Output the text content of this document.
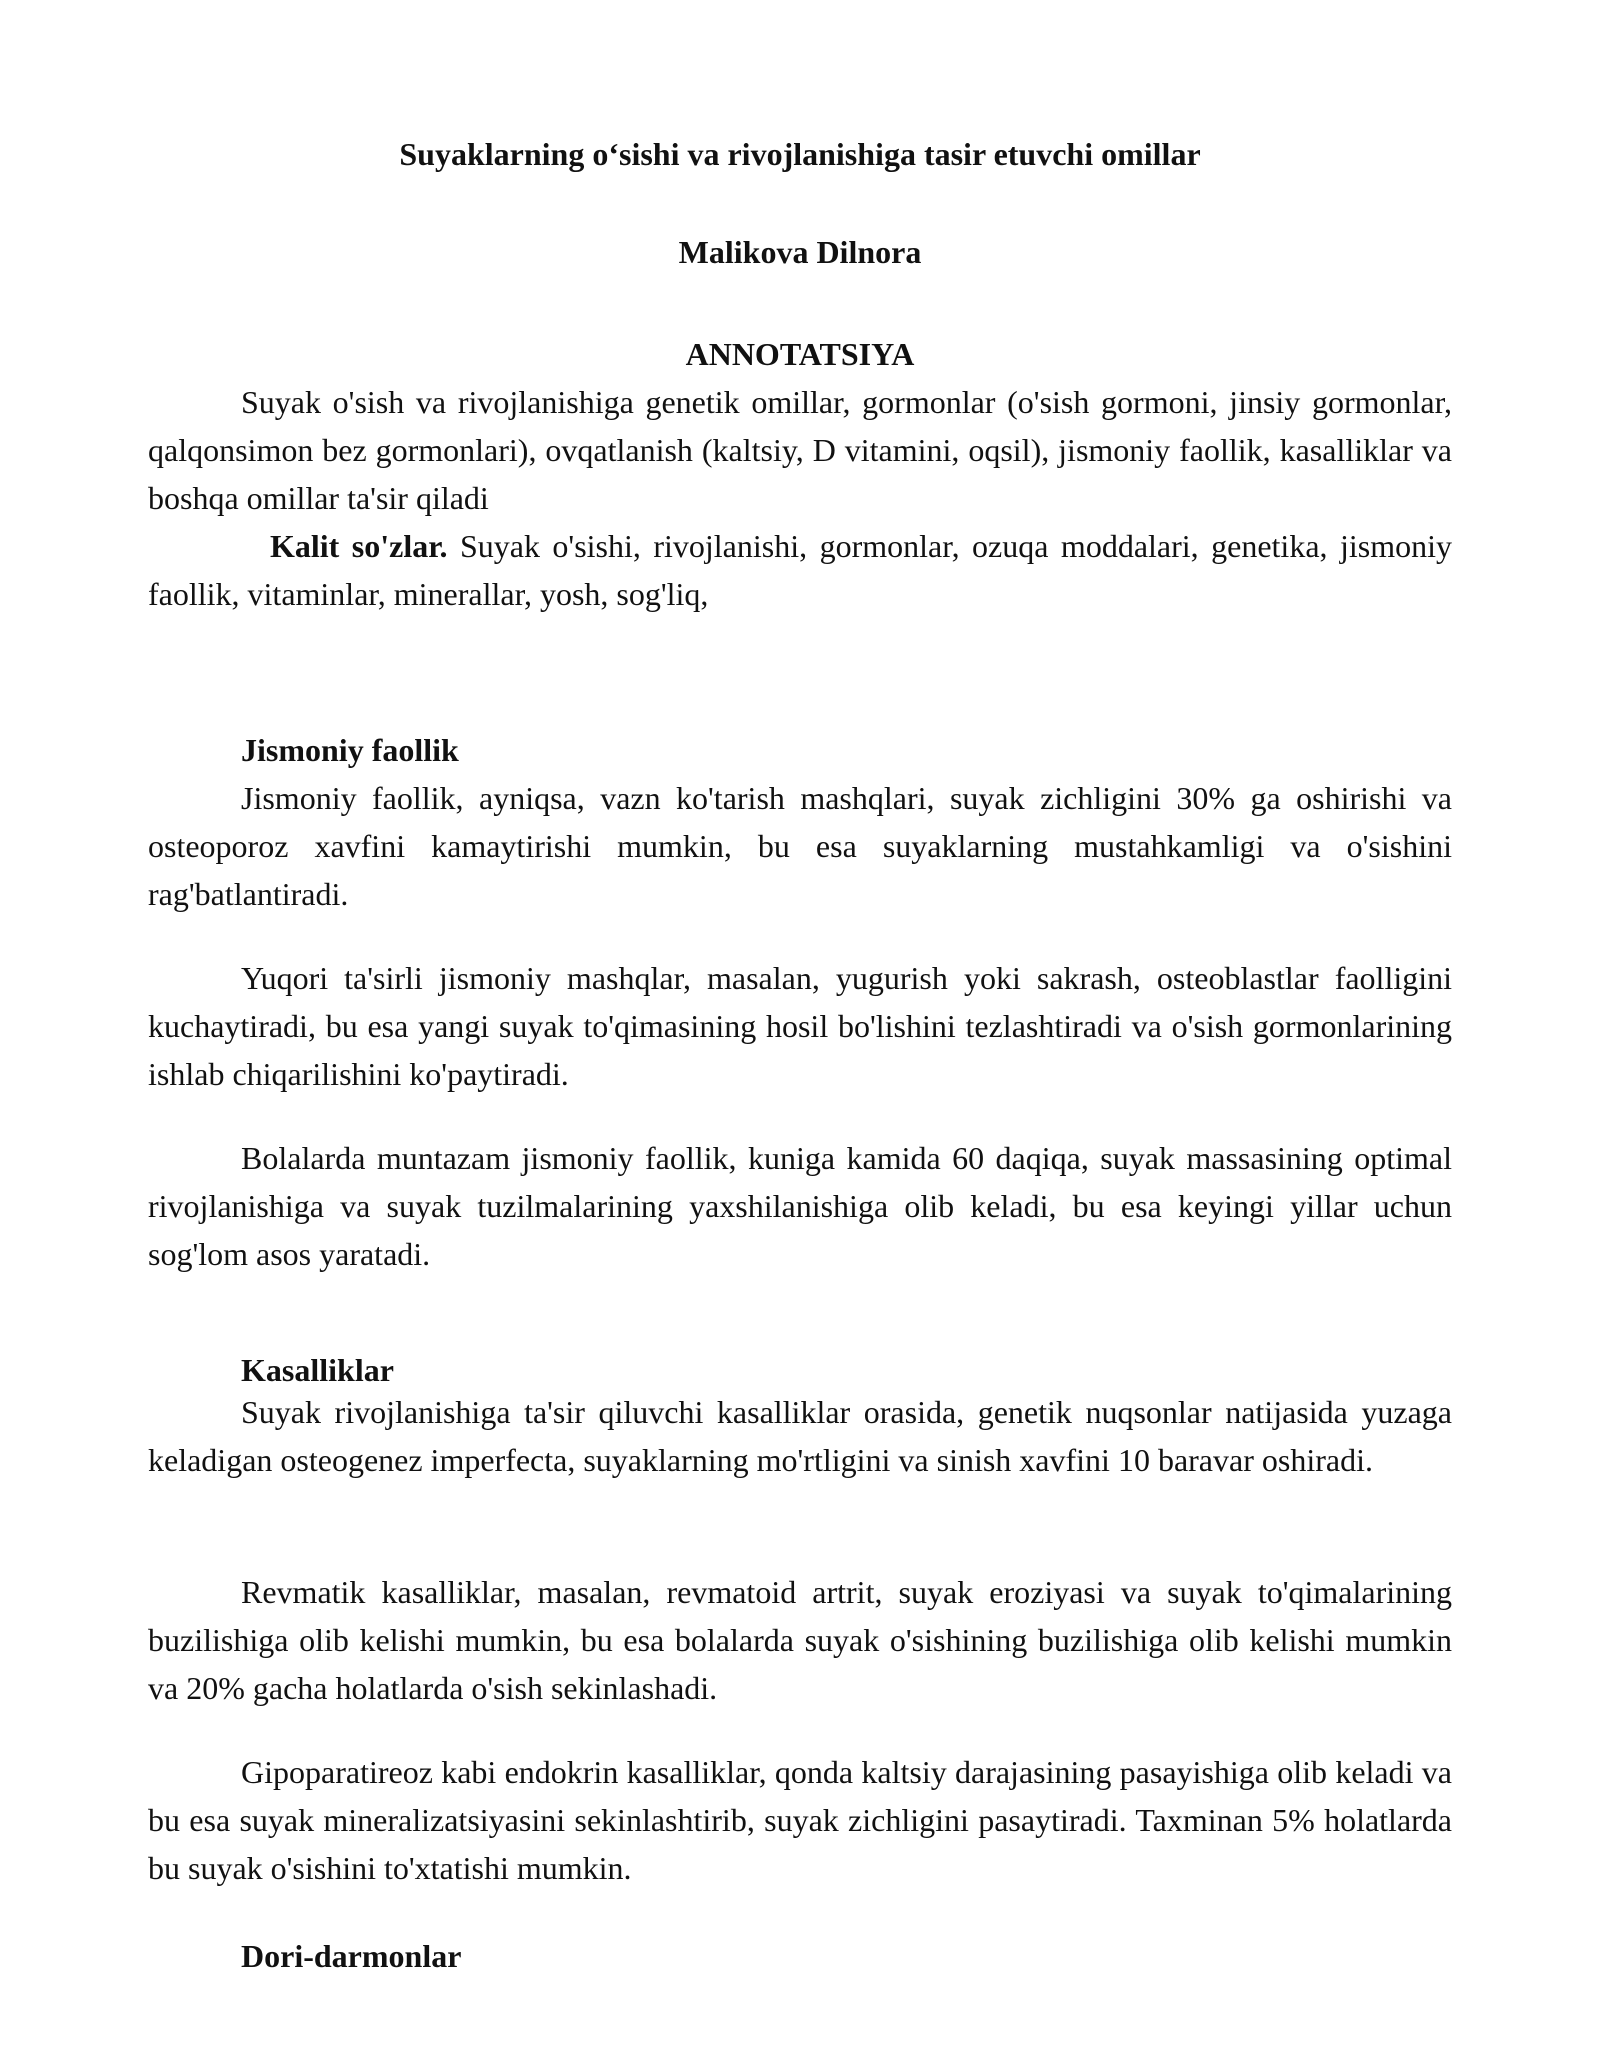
Suyaklarning o‘sishi va rivojlanishiga tasir etuvchi omillar

Malikova Dilnora

ANNOTATSIYA

Suyak o'sish va rivojlanishiga genetik omillar, gormonlar (o'sish gormoni, jinsiy gormonlar, qalqonsimon bez gormonlari), ovqatlanish (kaltsiy, D vitamini, oqsil), jismoniy faollik, kasalliklar va boshqa omillar ta'sir qiladi

Kalit so'zlar. Suyak o'sishi, rivojlanishi, gormonlar, ozuqa moddalari, genetika, jismoniy faollik, vitaminlar, minerallar, yosh, sog'liq,

Jismoniy faollik

Jismoniy faollik, ayniqsa, vazn ko'tarish mashqlari, suyak zichligini 30% ga oshirishi va osteoporoz xavfini kamaytirishi mumkin, bu esa suyaklarning mustahkamligi va o'sishini rag'batlantiradi.

Yuqori ta'sirli jismoniy mashqlar, masalan, yugurish yoki sakrash, osteoblastlar faolligini kuchaytiradi, bu esa yangi suyak to'qimasining hosil bo'lishini tezlashtiradi va o'sish gormonlarining ishlab chiqarilishini ko'paytiradi.

Bolalarda muntazam jismoniy faollik, kuniga kamida 60 daqiqa, suyak massasining optimal rivojlanishiga va suyak tuzilmalarining yaxshilanishiga olib keladi, bu esa keyingi yillar uchun sog'lom asos yaratadi.

Kasalliklar

Suyak rivojlanishiga ta'sir qiluvchi kasalliklar orasida, genetik nuqsonlar natijasida yuzaga keladigan osteogenez imperfecta, suyaklarning mo'rtligini va sinish xavfini 10 baravar oshiradi.

Revmatik kasalliklar, masalan, revmatoid artrit, suyak eroziyasi va suyak to'qimalarining buzilishiga olib kelishi mumkin, bu esa bolalarda suyak o'sishining buzilishiga olib kelishi mumkin va 20% gacha holatlarda o'sish sekinlashadi.

Gipoparatireoz kabi endokrin kasalliklar, qonda kaltsiy darajasining pasayishiga olib keladi va bu esa suyak mineralizatsiyasini sekinlashtirib, suyak zichligini pasaytiradi. Taxminan 5% holatlarda bu suyak o'sishini to'xtatishi mumkin.

Dori-darmonlar
